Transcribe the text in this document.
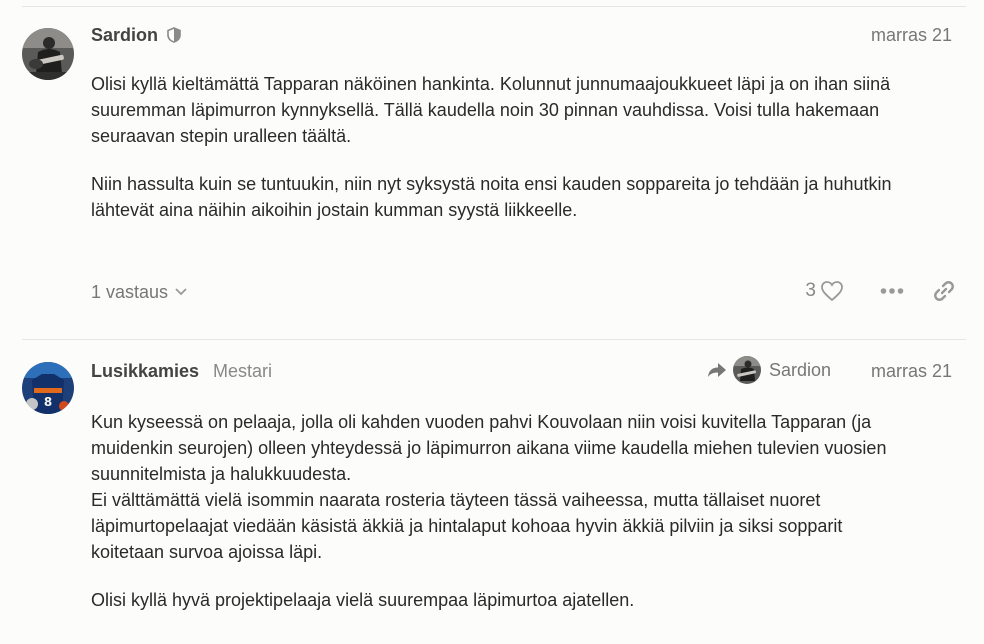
Sardion	marras 21

Olisi kyllä kieltämättä Tapparan näköinen hankinta. Kolunnut junnumaajoukkueet läpi ja on ihan siinä
suuremman läpimurron kynnyksellä. Tällä kaudella noin 30 pinnan vauhdissa. Voisi tulla hakemaan
seuraavan stepin uralleen täältä.

Niin hassulta kuin se tuntuukin, niin nyt syksystä noita ensi kauden soppareita jo tehdään ja huhutkin
lähtevät aina näihin aikoihin jostain kumman syystä liikkeelle.

1 vastaus	3
8
Lusikkamies Mestari	Sardion marras 21

Kun kyseessä on pelaaja, jolla oli kahden vuoden pahvi Kouvolaan niin voisi kuvitella Tapparan (ja
muidenkin seurojen) olleen yhteydessä jo läpimurron aikana viime kaudella miehen tulevien vuosien
suunnitelmista ja halukkuudesta.
Ei välttämättä vielä isommin naarata rosteria täyteen tässä vaiheessa, mutta tällaiset nuoret
läpimurtopelaajat viedään käsistä äkkiä ja hintalaput kohoaa hyvin äkkiä pilviin ja siksi sopparit
koitetaan survoa ajoissa läpi.

Olisi kyllä hyvä projektipelaaja vielä suurempaa läpimurtoa ajatellen.
